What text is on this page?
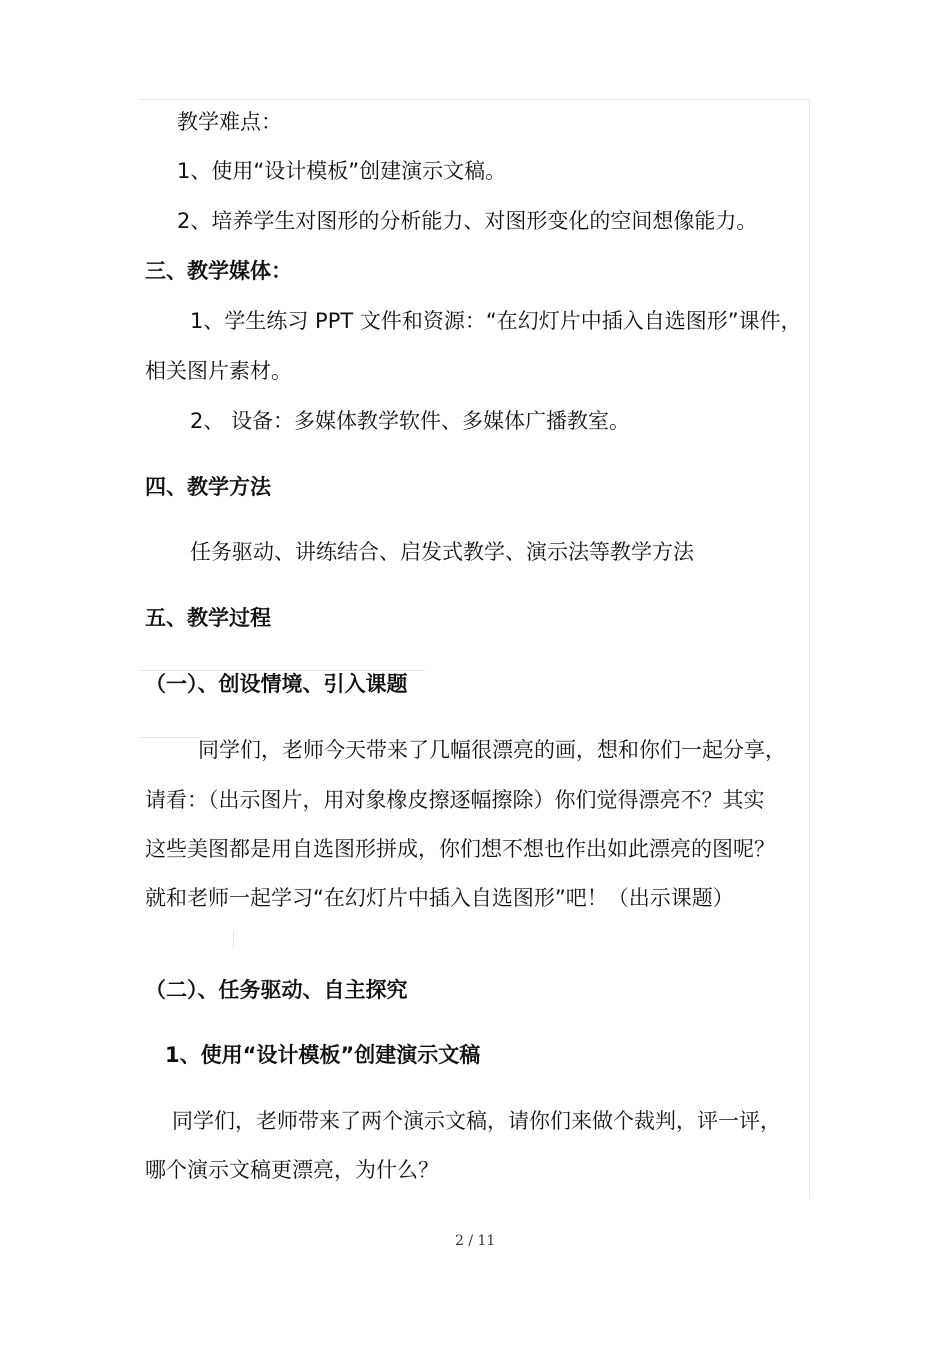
教学难点：
1、使用“设计模板”创建演示文稿。
2、培养学生对图形的分析能力、对图形变化的空间想像能力。
三、教学媒体：
1、学生练习 PPT 文件和资源：“在幻灯片中插入自选图形”课件，
相关图片素材。
2、 设备：多媒体教学软件、多媒体广播教室。
四、教学方法
任务驱动、讲练结合、启发式教学、演示法等教学方法
五、教学过程
（一）、创设情境、引入课题
同学们，老师今天带来了几幅很漂亮的画，想和你们一起分享，
请看：（出示图片，用对象橡皮擦逐幅擦除）你们觉得漂亮不？其实
这些美图都是用自选图形拼成，你们想不想也作出如此漂亮的图呢？
就和老师一起学习“在幻灯片中插入自选图形”吧！（出示课题）
（二）、任务驱动、自主探究
1、使用“设计模板”创建演示文稿
同学们，老师带来了两个演示文稿，请你们来做个裁判，评一评，
哪个演示文稿更漂亮，为什么？
2 / 11
